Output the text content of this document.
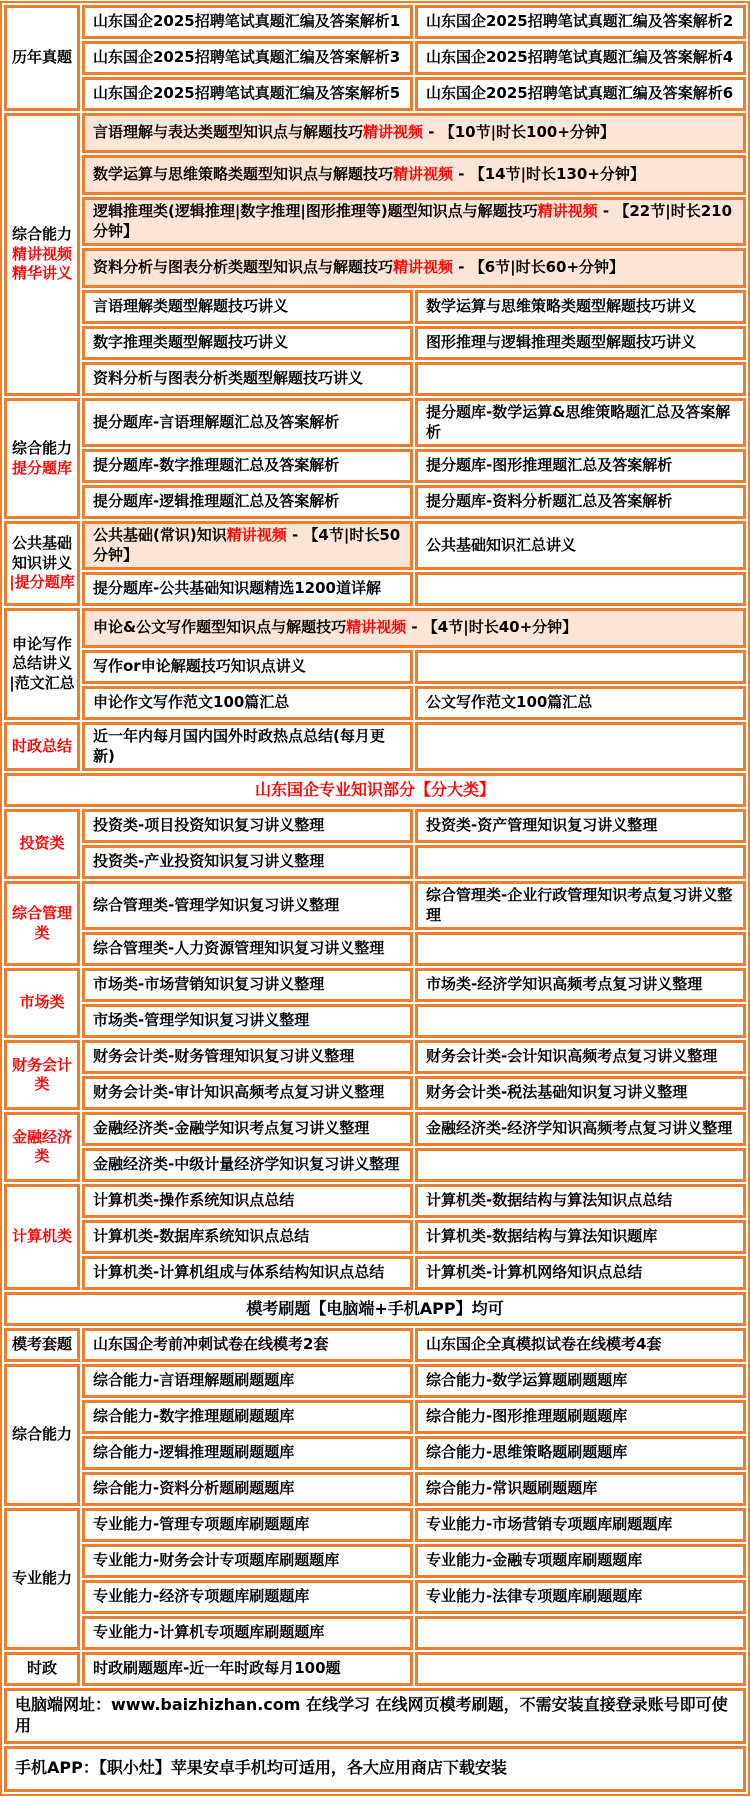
历年真题	山东国企2025招聘笔试真题汇编及答案解析1	山东国企2025招聘笔试真题汇编及答案解析2
	山东国企2025招聘笔试真题汇编及答案解析3	山东国企2025招聘笔试真题汇编及答案解析4
	山东国企2025招聘笔试真题汇编及答案解析5	山东国企2025招聘笔试真题汇编及答案解析6

综合能力
精讲视频
精华讲义	言语理解与表达类题型知识点与解题技巧精讲视频 - 【10节|时长100+分钟】	
	数学运算与思维策略类题型知识点与解题技巧精讲视频 - 【14节|时长130+分钟】	
	逻辑推理类(逻辑推理|数字推理|图形推理等)题型知识点与解题技巧精讲视频 - 【22节|时长210分钟】	
	资料分析与图表分析类题型知识点与解题技巧精讲视频 - 【6节|时长60+分钟】	
	言语理解类题型解题技巧讲义	数学运算与思维策略类题型解题技巧讲义
	数字推理类题型解题技巧讲义	图形推理与逻辑推理类题型解题技巧讲义
	资料分析与图表分析类题型解题技巧讲义	

综合能力
提分题库	提分题库-言语理解题汇总及答案解析	提分题库-数学运算&思维策略题汇总及答案解析
	提分题库-数字推理题汇总及答案解析	提分题库-图形推理题汇总及答案解析
	提分题库-逻辑推理题汇总及答案解析	提分题库-资料分析题汇总及答案解析

公共基础知识讲义
|提分题库	公共基础(常识)知识精讲视频 - 【4节|时长50分钟】	公共基础知识汇总讲义
	提分题库-公共基础知识题精选1200道详解	

申论写作总结讲义
|范文汇总	申论&公文写作题型知识点与解题技巧精讲视频 - 【4节|时长40+分钟】	
	写作or申论解题技巧知识点讲义	
	申论作文写作范文100篇汇总	公文写作范文100篇汇总

时政总结	近一年内每月国内国外时政热点总结(每月更新)	
山东国企专业知识部分【分大类】		

投资类	投资类-项目投资知识复习讲义整理	投资类-资产管理知识复习讲义整理
	投资类-产业投资知识复习讲义整理	

综合管理类	综合管理类-管理学知识复习讲义整理	综合管理类-企业行政管理知识考点复习讲义整理
	综合管理类-人力资源管理知识复习讲义整理	

市场类	市场类-市场营销知识复习讲义整理	市场类-经济学知识高频考点复习讲义整理
	市场类-管理学知识复习讲义整理	

财务会计类	财务会计类-财务管理知识复习讲义整理	财务会计类-会计知识高频考点复习讲义整理
	财务会计类-审计知识高频考点复习讲义整理	财务会计类-税法基础知识复习讲义整理

金融经济类	金融经济类-金融学知识考点复习讲义整理	金融经济类-经济学知识高频考点复习讲义整理
	金融经济类-中级计量经济学知识复习讲义整理	

计算机类	计算机类-操作系统知识点总结	计算机类-数据结构与算法知识点总结
	计算机类-数据库系统知识点总结	计算机类-数据结构与算法知识题库
	计算机类-计算机组成与体系结构知识点总结	计算机类-计算机网络知识点总结
模考刷题【电脑端+手机APP】均可		

模考套题	山东国企考前冲刺试卷在线模考2套	山东国企全真模拟试卷在线模考4套

综合能力	综合能力-言语理解题刷题题库	综合能力-数学运算题刷题题库
	综合能力-数字推理题刷题题库	综合能力-图形推理题刷题题库
	综合能力-逻辑推理题刷题题库	综合能力-思维策略题刷题题库
	综合能力-资料分析题刷题题库	综合能力-常识题刷题题库

专业能力	专业能力-管理专项题库刷题题库	专业能力-市场营销专项题库刷题题库
	专业能力-财务会计专项题库刷题题库	专业能力-金融专项题库刷题题库
	专业能力-经济专项题库刷题题库	专业能力-法律专项题库刷题题库
	专业能力-计算机专项题库刷题题库	

时政	时政刷题题库-近一年时政每月100题	
电脑端网址：www.baizhizhan.com 在线学习 在线网页模考刷题，不需安装直接登录账号即可使用		
手机APP：【职小灶】苹果安卓手机均可适用，各大应用商店下载安装		
